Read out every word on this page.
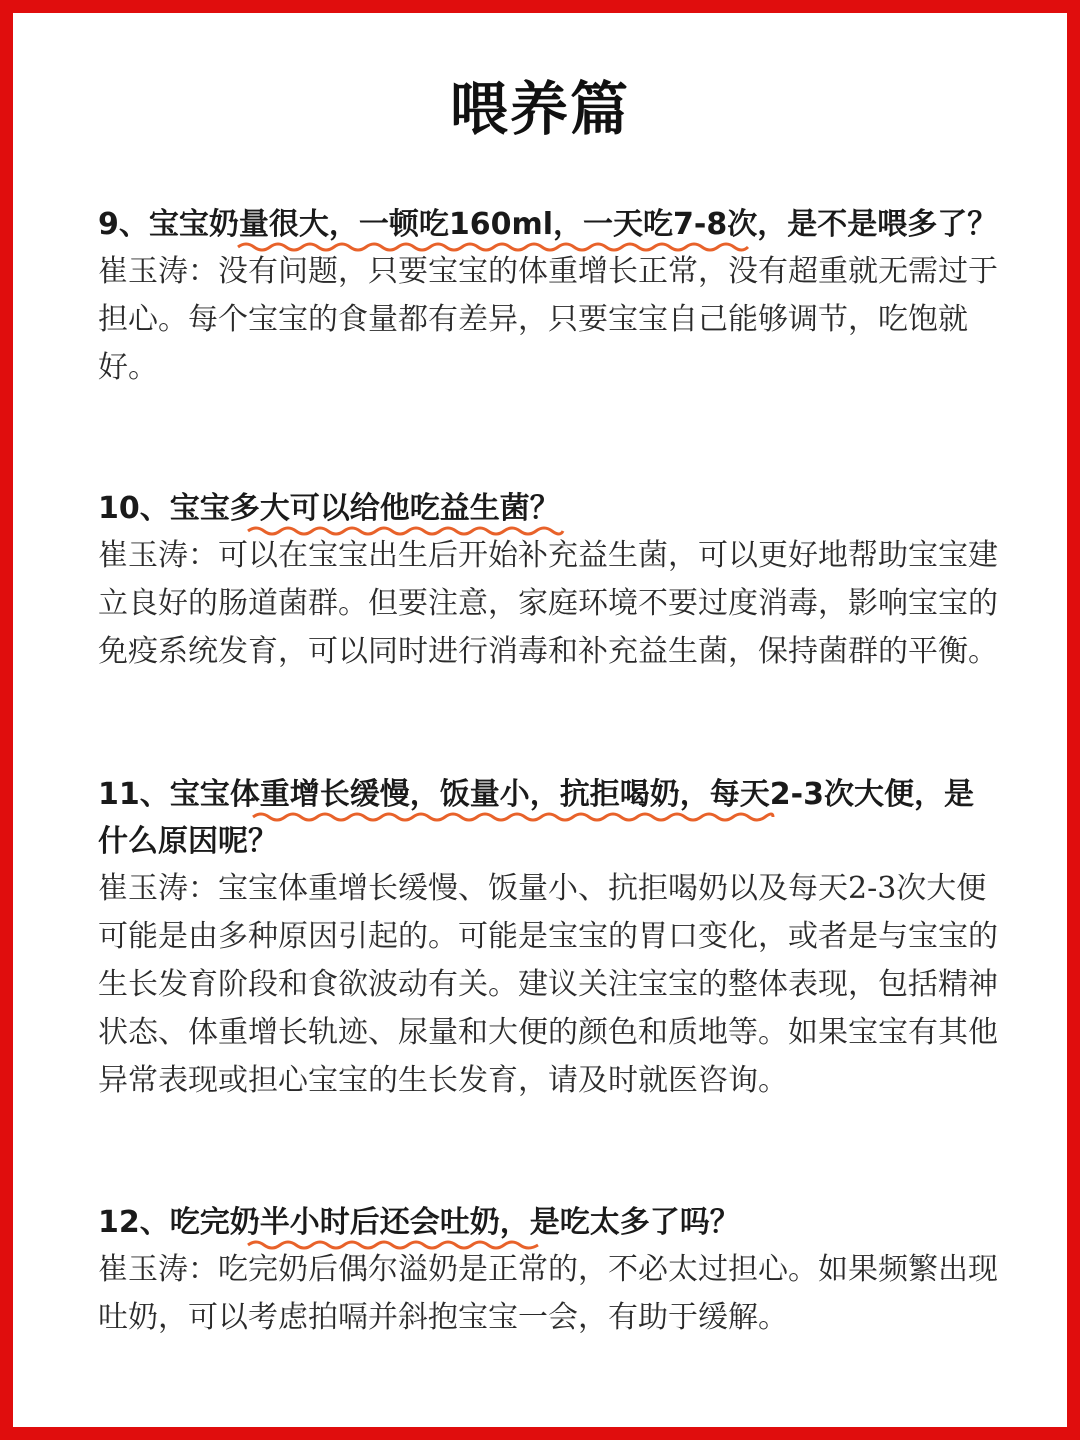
喂养篇

9、宝宝奶量很大，一顿吃160ml，一天吃7-8次，是不是喂多了？

崔玉涛：没有问题，只要宝宝的体重增长正常，没有超重就无需过于担心。每个宝宝的食量都有差异，只要宝宝自己能够调节，吃饱就好。

10、宝宝多大可以给他吃益生菌？

崔玉涛：可以在宝宝出生后开始补充益生菌，可以更好地帮助宝宝建立良好的肠道菌群。但要注意，家庭环境不要过度消毒，影响宝宝的免疫系统发育，可以同时进行消毒和补充益生菌，保持菌群的平衡。

11、宝宝体重增长缓慢，饭量小，抗拒喝奶，每天2-3次大便，是什么原因呢？

崔玉涛：宝宝体重增长缓慢、饭量小、抗拒喝奶以及每天2-3次大便可能是由多种原因引起的。可能是宝宝的胃口变化，或者是与宝宝的生长发育阶段和食欲波动有关。建议关注宝宝的整体表现，包括精神状态、体重增长轨迹、尿量和大便的颜色和质地等。如果宝宝有其他异常表现或担心宝宝的生长发育，请及时就医咨询。

12、吃完奶半小时后还会吐奶，是吃太多了吗？

崔玉涛：吃完奶后偶尔溢奶是正常的，不必太过担心。如果频繁出现吐奶，可以考虑拍嗝并斜抱宝宝一会，有助于缓解。
